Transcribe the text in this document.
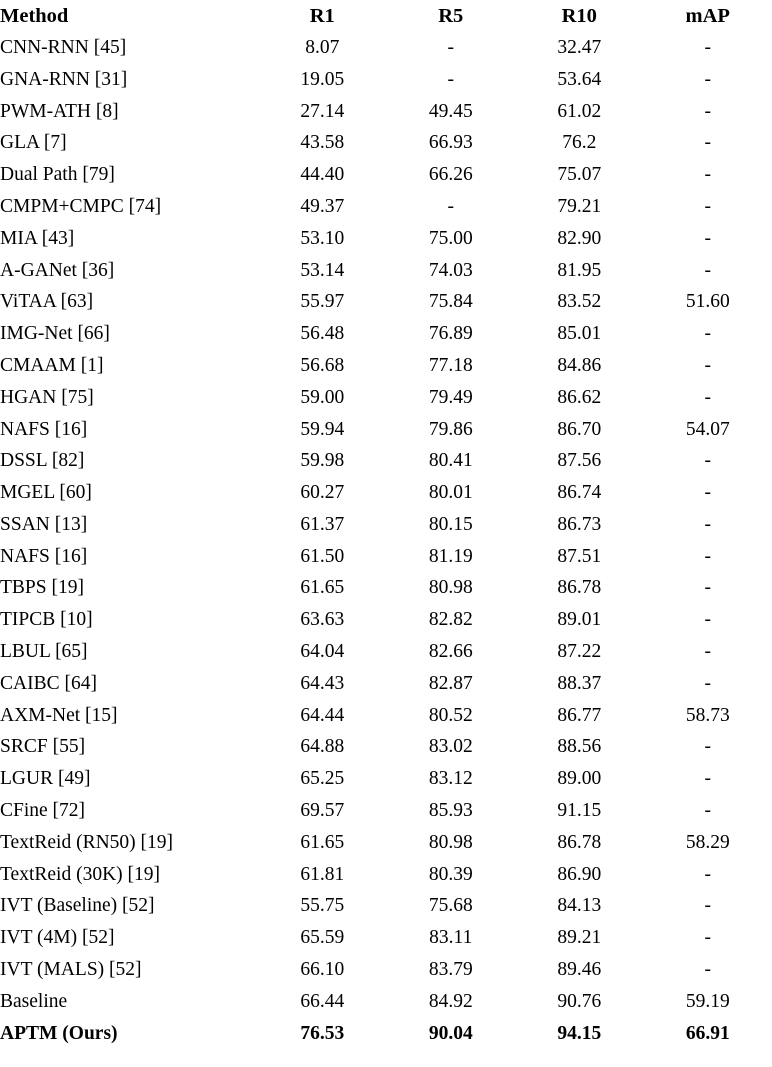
Method	R1	R5	R10	mAP
CNN-RNN [45]	8.07	-	32.47	-
GNA-RNN [31]	19.05	-	53.64	-
PWM-ATH [8]	27.14	49.45	61.02	-
GLA [7]	43.58	66.93	76.2	-
Dual Path [79]	44.40	66.26	75.07	-
CMPM+CMPC [74]	49.37	-	79.21	-
MIA [43]	53.10	75.00	82.90	-
A-GANet [36]	53.14	74.03	81.95	-
ViTAA [63]	55.97	75.84	83.52	51.60
IMG-Net [66]	56.48	76.89	85.01	-
CMAAM [1]	56.68	77.18	84.86	-
HGAN [75]	59.00	79.49	86.62	-
NAFS [16]	59.94	79.86	86.70	54.07
DSSL [82]	59.98	80.41	87.56	-
MGEL [60]	60.27	80.01	86.74	-
SSAN [13]	61.37	80.15	86.73	-
NAFS [16]	61.50	81.19	87.51	-
TBPS [19]	61.65	80.98	86.78	-
TIPCB [10]	63.63	82.82	89.01	-
LBUL [65]	64.04	82.66	87.22	-
CAIBC [64]	64.43	82.87	88.37	-
AXM-Net [15]	64.44	80.52	86.77	58.73
SRCF [55]	64.88	83.02	88.56	-
LGUR [49]	65.25	83.12	89.00	-
CFine [72]	69.57	85.93	91.15	-
TextReid (RN50) [19]	61.65	80.98	86.78	58.29
TextReid (30K) [19]	61.81	80.39	86.90	-
IVT (Baseline) [52]	55.75	75.68	84.13	-
IVT (4M) [52]	65.59	83.11	89.21	-
IVT (MALS) [52]	66.10	83.79	89.46	-
Baseline	66.44	84.92	90.76	59.19
APTM (Ours)	76.53	90.04	94.15	66.91
